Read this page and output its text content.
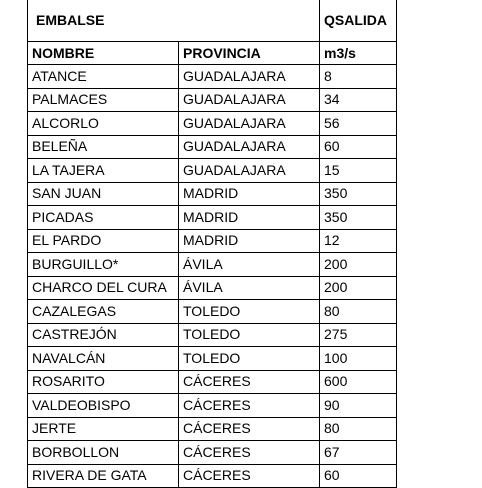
EMBALSE		QSALIDA
NOMBRE	PROVINCIA	m3/s
ATANCE	GUADALAJARA	8
PALMACES	GUADALAJARA	34
ALCORLO	GUADALAJARA	56
BELEÑA	GUADALAJARA	60
LA TAJERA	GUADALAJARA	15
SAN JUAN	MADRID	350
PICADAS	MADRID	350
EL PARDO	MADRID	12
BURGUILLO*	ÁVILA	200
CHARCO DEL CURA	ÁVILA	200
CAZALEGAS	TOLEDO	80
CASTREJÓN	TOLEDO	275
NAVALCÁN	TOLEDO	100
ROSARITO	CÁCERES	600
VALDEOBISPO	CÁCERES	90
JERTE	CÁCERES	80
BORBOLLON	CÁCERES	67
RIVERA DE GATA	CÁCERES	60
